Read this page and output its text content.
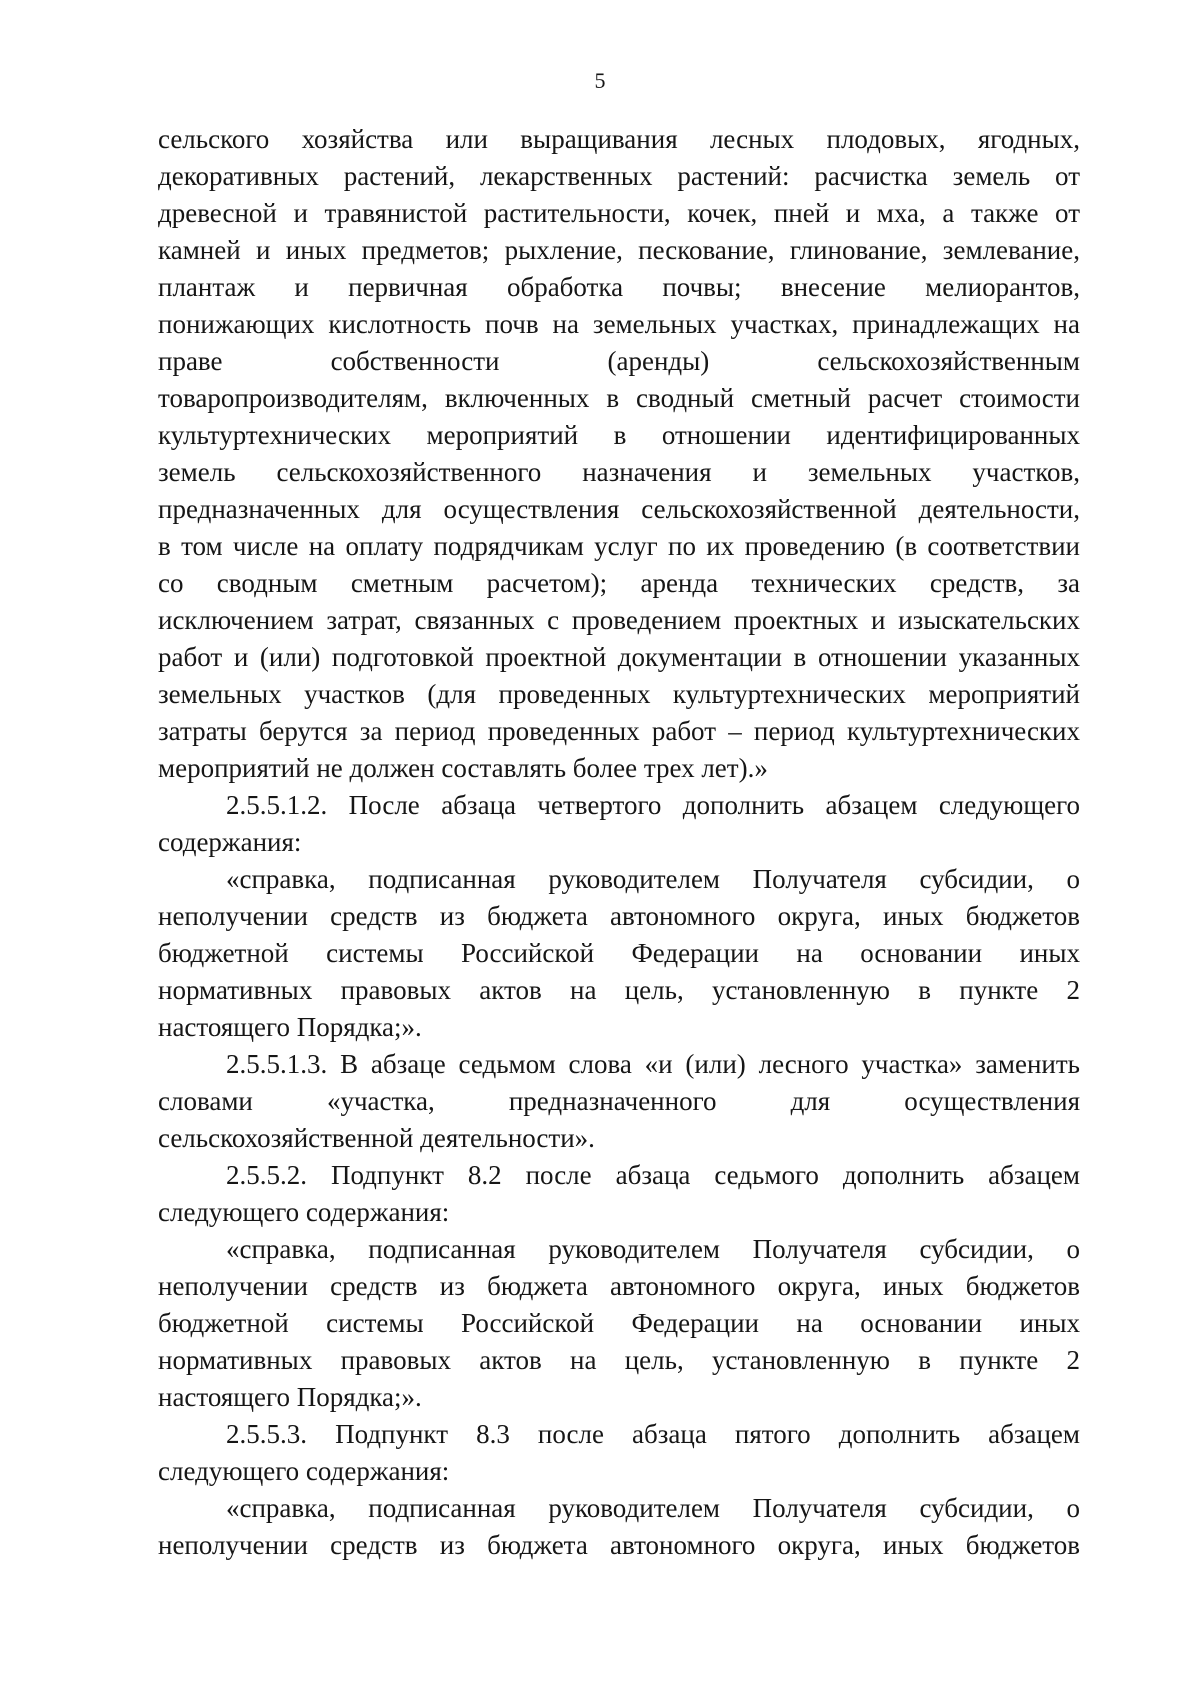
5
сельского хозяйства или выращивания лесных плодовых, ягодных,
декоративных растений, лекарственных растений: расчистка земель от
древесной и травянистой растительности, кочек, пней и мха, а также от
камней и иных предметов; рыхление, пескование, глинование, землевание,
плантаж и первичная обработка почвы; внесение мелиорантов,
понижающих кислотность почв на земельных участках, принадлежащих на
праве собственности (аренды) сельскохозяйственным
товаропроизводителям, включенных в сводный сметный расчет стоимости
культуртехнических мероприятий в отношении идентифицированных
земель сельскохозяйственного назначения и земельных участков,
предназначенных для осуществления сельскохозяйственной деятельности,
в том числе на оплату подрядчикам услуг по их проведению (в соответствии
со сводным сметным расчетом); аренда технических средств, за
исключением затрат, связанных с проведением проектных и изыскательских
работ и (или) подготовкой проектной документации в отношении указанных
земельных участков (для проведенных культуртехнических мероприятий
затраты берутся за период проведенных работ – период культуртехнических
мероприятий не должен составлять более трех лет).»
2.5.5.1.2. После абзаца четвертого дополнить абзацем следующего
содержания:
«справка, подписанная руководителем Получателя субсидии, о
неполучении средств из бюджета автономного округа, иных бюджетов
бюджетной системы Российской Федерации на основании иных
нормативных правовых актов на цель, установленную в пункте 2
настоящего Порядка;».
2.5.5.1.3. В абзаце седьмом слова «и (или) лесного участка» заменить
словами «участка, предназначенного для осуществления
сельскохозяйственной деятельности».
2.5.5.2. Подпункт 8.2 после абзаца седьмого дополнить абзацем
следующего содержания:
«справка, подписанная руководителем Получателя субсидии, о
неполучении средств из бюджета автономного округа, иных бюджетов
бюджетной системы Российской Федерации на основании иных
нормативных правовых актов на цель, установленную в пункте 2
настоящего Порядка;».
2.5.5.3. Подпункт 8.3 после абзаца пятого дополнить абзацем
следующего содержания:
«справка, подписанная руководителем Получателя субсидии, о
неполучении средств из бюджета автономного округа, иных бюджетов
